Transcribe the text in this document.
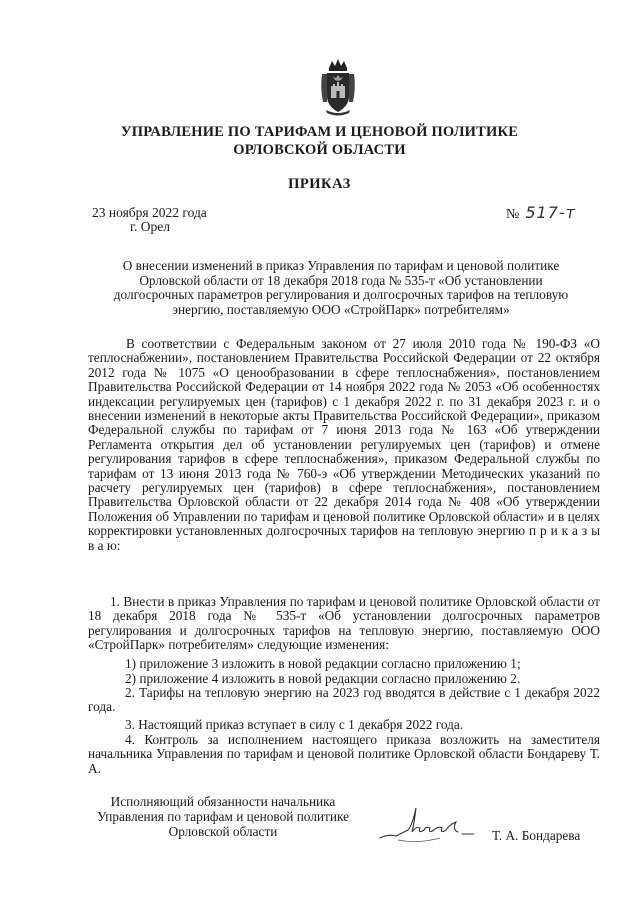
УПРАВЛЕНИЕ ПО ТАРИФАМ И ЦЕНОВОЙ ПОЛИТИКЕ
ОРЛОВСКОЙ ОБЛАСТИ
ПРИКАЗ
23 ноября 2022 года
г. Орел
№ 517-т
О внесении изменений в приказ Управления по тарифам и ценовой политике Орловской области от 18 декабря 2018 года № 535-т «Об установлении долгосрочных параметров регулирования и долгосрочных тарифов на тепловую энергию, поставляемую ООО «СтройПарк» потребителям»
В соответствии с Федеральным законом от 27 июля 2010 года № 190-ФЗ «О теплоснабжении», постановлением Правительства Российской Федерации от 22 октября 2012 года № 1075 «О ценообразовании в сфере теплоснабжения», постановлением Правительства Российской Федерации от 14 ноября 2022 года № 2053 «Об особенностях индексации регулируемых цен (тарифов) с 1 декабря 2022 г. по 31 декабря 2023 г. и о внесении изменений в некоторые акты Правительства Российской Федерации», приказом Федеральной службы по тарифам от 7 июня 2013 года № 163 «Об утверждении Регламента открытия дел об установлении регулируемых цен (тарифов) и отмене регулирования тарифов в сфере теплоснабжения», приказом Федеральной службы по тарифам от 13 июня 2013 года № 760-э «Об утверждении Методических указаний по расчету регулируемых цен (тарифов) в сфере теплоснабжения», постановлением Правительства Орловской области от 22 декабря 2014 года № 408 «Об утверждении Положения об Управлении по тарифам и ценовой политике Орловской области» и в целях корректировки установленных долгосрочных тарифов на тепловую энергию п р и к а з ы в а ю:
1. Внести в приказ Управления по тарифам и ценовой политике Орловской области от 18 декабря 2018 года № 535-т «Об установлении долгосрочных параметров регулирования и долгосрочных тарифов на тепловую энергию, поставляемую ООО «СтройПарк» потребителям» следующие изменения:
1) приложение 3 изложить в новой редакции согласно приложению 1;
2) приложение 4 изложить в новой редакции согласно приложению 2.
2. Тарифы на тепловую энергию на 2023 год вводятся в действие с 1 декабря 2022 года.
3. Настоящий приказ вступает в силу с 1 декабря 2022 года.
4. Контроль за исполнением настоящего приказа возложить на заместителя начальника Управления по тарифам и ценовой политике Орловской области Бондареву Т. А.
Исполняющий обязанности начальника
Управления по тарифам и ценовой политике
Орловской области	Т. А. Бондарева
